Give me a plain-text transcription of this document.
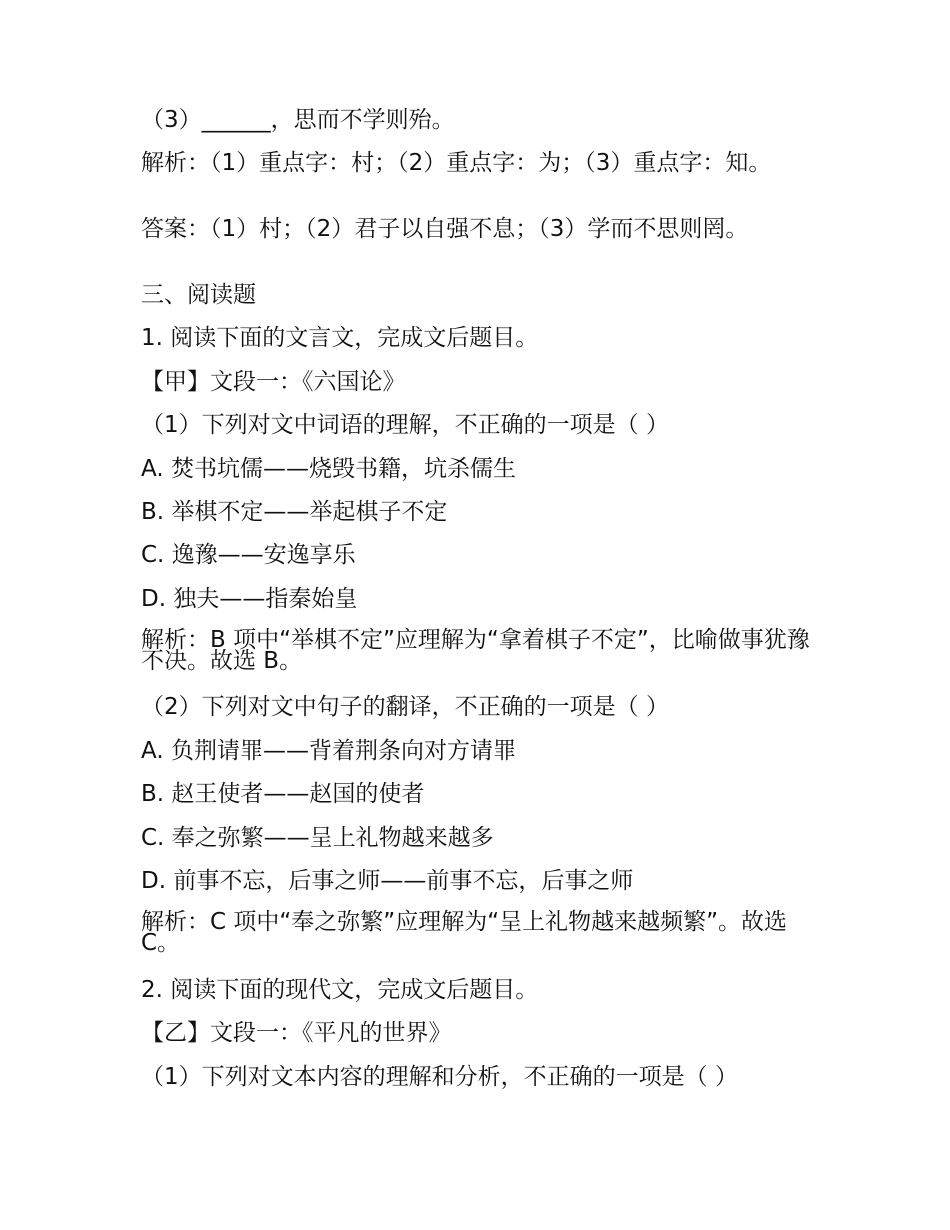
（3）______，思而不学则殆。
解析：（1）重点字：村；（2）重点字：为；（3）重点字：知。
答案：（1）村；（2）君子以自强不息；（3）学而不思则罔。
三、阅读题
1. 阅读下面的文言文，完成文后题目。
【甲】文段一：《六国论》
（1）下列对文中词语的理解，不正确的一项是（ ）
A. 焚书坑儒——烧毁书籍，坑杀儒生
B. 举棋不定——举起棋子不定
C. 逸豫——安逸享乐
D. 独夫——指秦始皇
解析：B 项中“举棋不定”应理解为“拿着棋子不定”，比喻做事犹豫不决。故选 B。
（2）下列对文中句子的翻译，不正确的一项是（ ）
A. 负荆请罪——背着荆条向对方请罪
B. 赵王使者——赵国的使者
C. 奉之弥繁——呈上礼物越来越多
D. 前事不忘，后事之师——前事不忘，后事之师
解析：C 项中“奉之弥繁”应理解为“呈上礼物越来越频繁”。故选 C。
2. 阅读下面的现代文，完成文后题目。
【乙】文段一：《平凡的世界》
（1）下列对文本内容的理解和分析，不正确的一项是（ ）
